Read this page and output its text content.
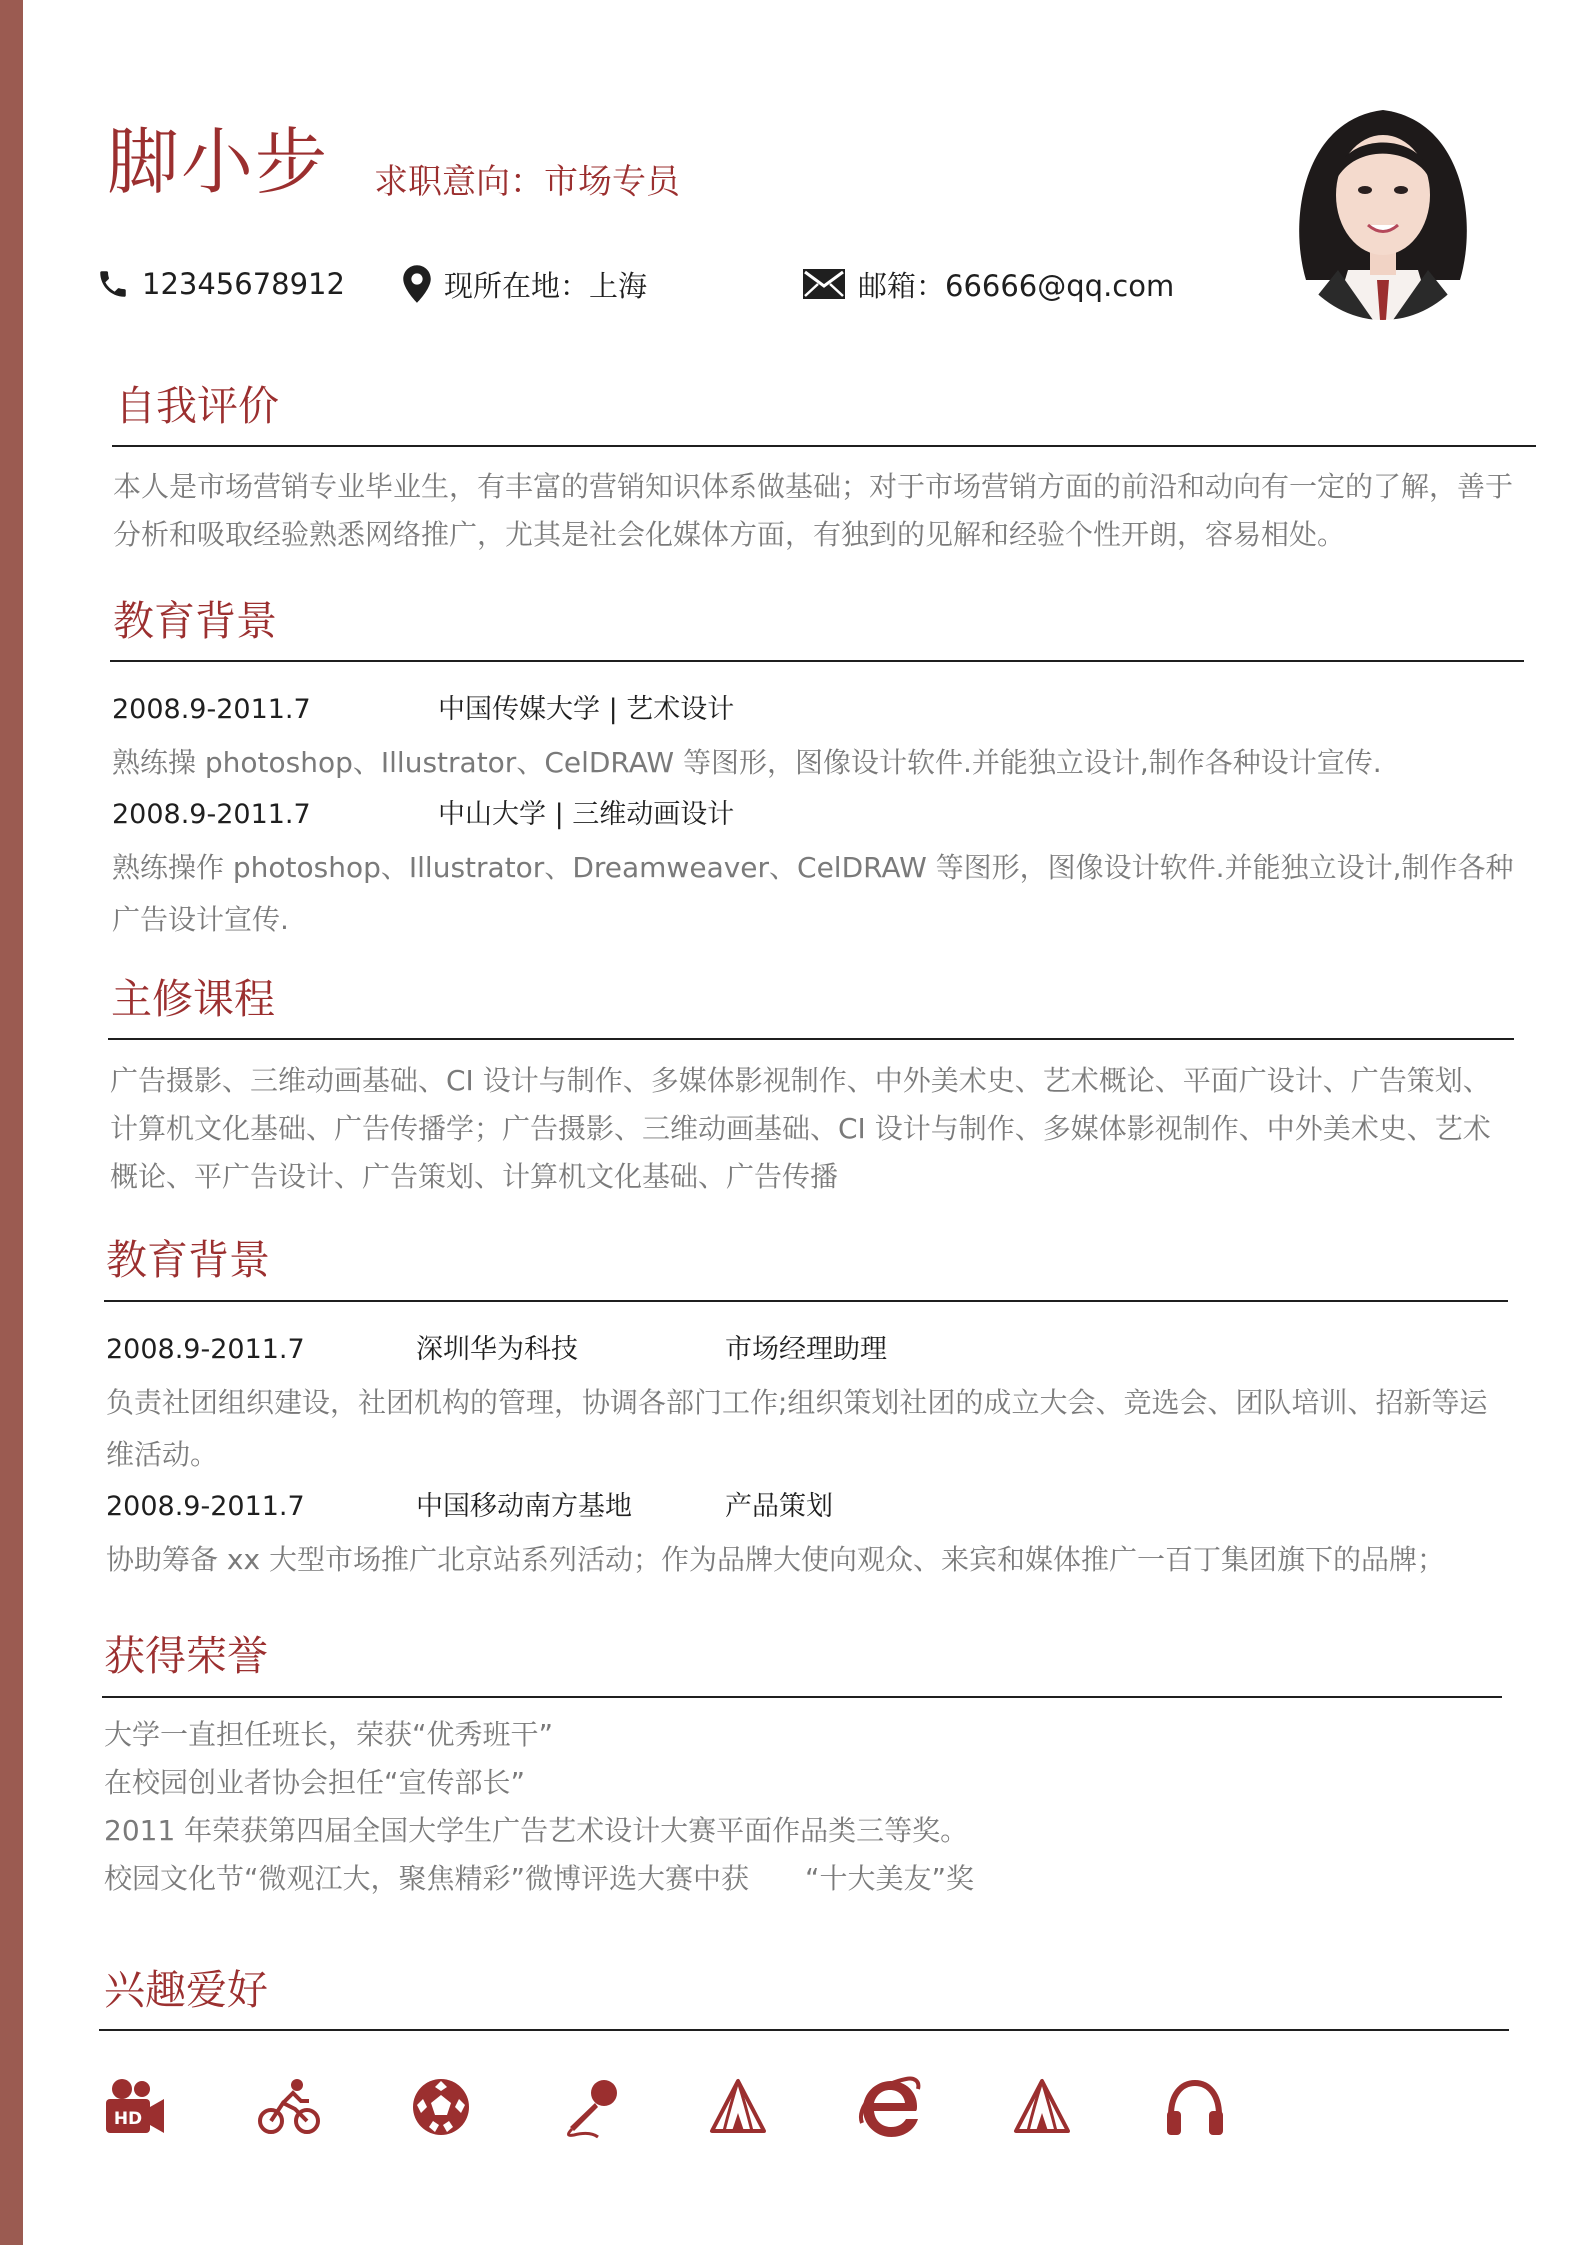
脚小步 求职意向：市场专员
12345678912	现所在地：上海	邮箱：66666@qq.com
自我评价
本人是市场营销专业毕业生，有丰富的营销知识体系做基础；对于市场营销方面的前沿和动向有一定的了解，善于分析和吸取经验熟悉网络推广，尤其是社会化媒体方面，有独到的见解和经验个性开朗，容易相处。
教育背景
2008.9-2011.7	中国传媒大学 | 艺术设计
熟练操 photoshop、Illustrator、CelDRAW 等图形，图像设计软件.并能独立设计,制作各种设计宣传.
2008.9-2011.7	中山大学 | 三维动画设计
熟练操作 photoshop、Illustrator、Dreamweaver、CelDRAW 等图形，图像设计软件.并能独立设计,制作各种广告设计宣传.
主修课程
广告摄影、三维动画基础、CI 设计与制作、多媒体影视制作、中外美术史、艺术概论、平面广设计、广告策划、计算机文化基础、广告传播学；广告摄影、三维动画基础、CI 设计与制作、多媒体影视制作、中外美术史、艺术概论、平广告设计、广告策划、计算机文化基础、广告传播
教育背景
2008.9-2011.7	深圳华为科技	市场经理助理
负责社团组织建设，社团机构的管理，协调各部门工作;组织策划社团的成立大会、竞选会、团队培训、招新等运维活动。
2008.9-2011.7	中国移动南方基地	产品策划
协助筹备 xx 大型市场推广北京站系列活动；作为品牌大使向观众、来宾和媒体推广一百丁集团旗下的品牌；
获得荣誉
大学一直担任班长，荣获“优秀班干”
在校园创业者协会担任“宣传部长”
2011 年荣获第四届全国大学生广告艺术设计大赛平面作品类三等奖。
校园文化节“微观江大，聚焦精彩”微博评选大赛中获　　“十大美友”奖
兴趣爱好
HD
